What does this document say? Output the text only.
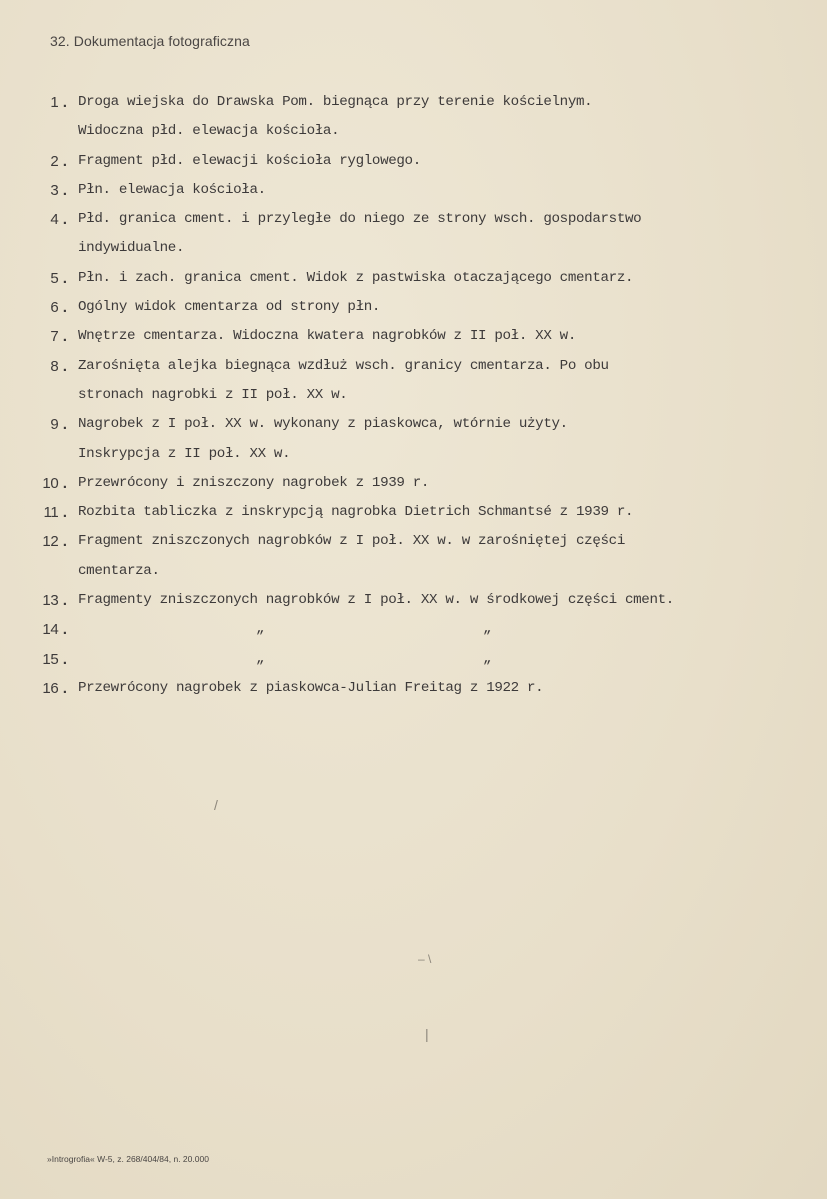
32. Dokumentacja fotograficzna
1 . Droga wiejska do Drawska Pom. biegnąca przy terenie kościelnym.
Widoczna płd. elewacja kościoła.
2 . Fragment płd. elewacji kościoła ryglowego.
3 . Płn. elewacja kościoła.
4 . Płd. granica cment. i przyległe do niego ze strony wsch. gospodarstwo
indywidualne.
5 . Płn. i zach. granica cment. Widok z pastwiska otaczającego cmentarz.
6 . Ogólny widok cmentarza od strony płn.
7 . Wnętrze cmentarza. Widoczna kwatera nagrobków z II poł. XX w.
8 . Zarośnięta alejka biegnąca wzdłuż wsch. granicy cmentarza. Po obu
stronach nagrobki z II poł. XX w.
9 . Nagrobek z I poł. XX w. wykonany z piaskowca, wtórnie użyty.
Inskrypcja z II poł. XX w.
10 . Przewrócony i zniszczony nagrobek z 1939 r.
11 . Rozbita tabliczka z inskrypcją nagrobka Dietrich Schmantsé z 1939 r.
12 . Fragment zniszczonych nagrobków z I poł. XX w. w zarośniętej części
cmentarza.
13 . Fragmenty zniszczonych nagrobków z I poł. XX w. w środkowej części cment.
14 .	„	„
15 .	„	„
16 . Przewrócony nagrobek z piaskowca-Julian Freitag z 1922 r.
/
– \
|
»Introgrofia« W-5, z. 268/404/84, n. 20.000
